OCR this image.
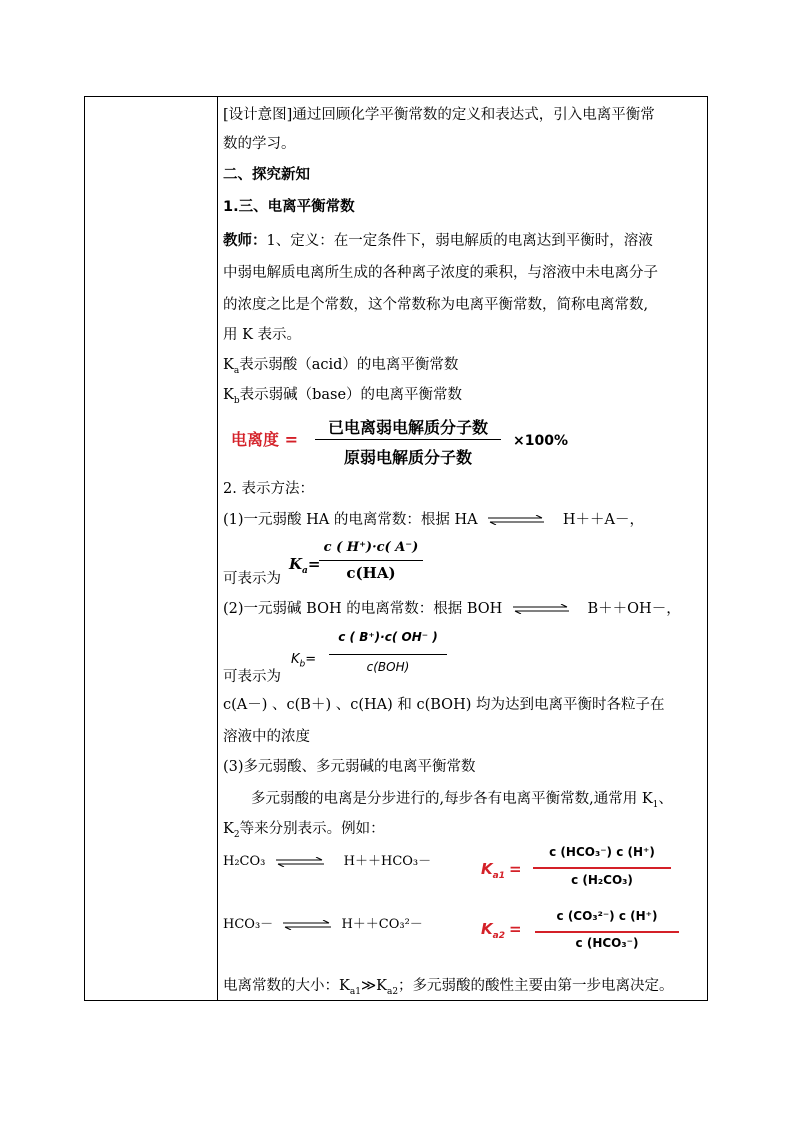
[设计意图]通过回顾化学平衡常数的定义和表达式，引入电离平衡常
数的学习。
二、探究新知
1.三、电离平衡常数
教师：1、定义：在一定条件下，弱电解质的电离达到平衡时，溶液
中弱电解质电离所生成的各种离子浓度的乘积，与溶液中未电离分子
的浓度之比是个常数，这个常数称为电离平衡常数，简称电离常数,
用 K 表示。
$K_a$表示弱酸（acid）的电离平衡常数
$K_b$表示弱碱（base）的电离平衡常数
电离度 =
已电离弱电解质分子数
原弱电解质分子数
×100%
2. 表示方法：
(1)一元弱酸 HA 的电离常数：根据 HA ⇌ H＋＋A－，
$K_a=$
c ( H⁺)·c( A⁻)
c(HA)
可表示为
(2)一元弱碱 BOH 的电离常数：根据 BOH ⇌ B＋＋OH－，
$K_b=$
c ( B⁺)·c( OH⁻ )
c(BOH)
可表示为
c(A－) 、c(B＋) 、c(HA) 和 c(BOH) 均为达到电离平衡时各粒子在
溶液中的浓度
(3)多元弱酸、多元弱碱的电离平衡常数
多元弱酸的电离是分步进行的,每步各有电离平衡常数,通常用 $K_1$、
$K_2$等来分别表示。例如：
H₂CO₃ ⇌ H＋＋HCO₃－	$K_{a1}$ =
c (HCO₃⁻) c (H⁺)
c (H₂CO₃)
HCO₃－ ⇌ H＋＋CO₃²－	$K_{a2}$ =
c (CO₃²⁻) c (H⁺)
c (HCO₃⁻)
电离常数的大小：$K_{a1}≫K_{a2}$；多元弱酸的酸性主要由第一步电离决定。
